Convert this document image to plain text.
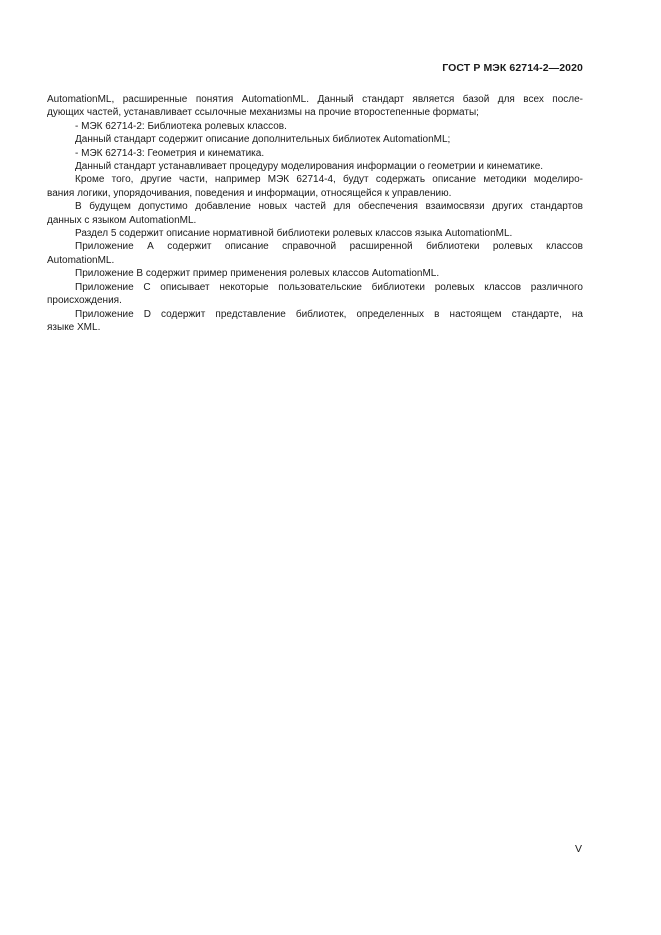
ГОСТ Р МЭК 62714-2—2020

AutomationML, расширенные понятия AutomationML. Данный стандарт является базой для всех после-
дующих частей, устанавливает ссылочные механизмы на прочие второстепенные форматы;

- МЭК 62714-2: Библиотека ролевых классов.

Данный стандарт содержит описание дополнительных библиотек AutomationML;

- МЭК 62714-3: Геометрия и кинематика.

Данный стандарт устанавливает процедуру моделирования информации о геометрии и кинематике.

Кроме того, другие части, например МЭК 62714-4, будут содержать описание методики моделиро-
вания логики, упорядочивания, поведения и информации, относящейся к управлению.

В будущем допустимо добавление новых частей для обеспечения взаимосвязи других стандартов
данных с языком AutomationML.

Раздел 5 содержит описание нормативной библиотеки ролевых классов языка AutomationML.

Приложение А содержит описание справочной расширенной библиотеки ролевых классов
AutomationML.

Приложение В содержит пример применения ролевых классов AutomationML.

Приложение С описывает некоторые пользовательские библиотеки ролевых классов различного
происхождения.

Приложение D содержит представление библиотек, определенных в настоящем стандарте, на
языке XML.

V
